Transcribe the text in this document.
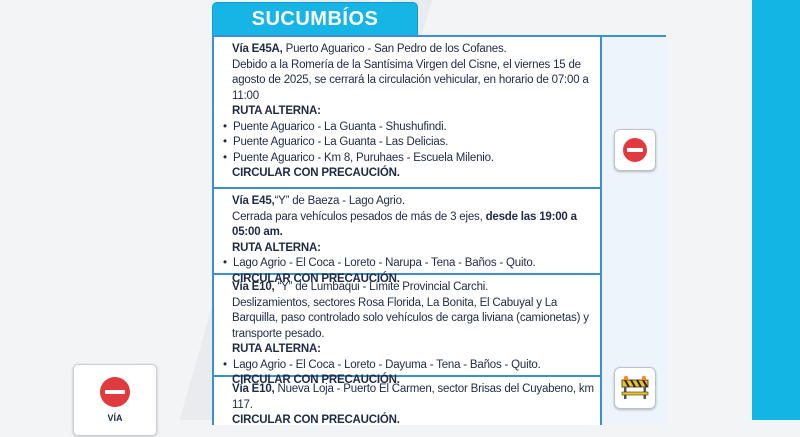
SUCUMBÍOS
Vía E45A, Puerto Aguarico - San Pedro de los Cofanes.
Debido a la Romería de la Santísima Virgen del Cisne, el viernes 15 de agosto de 2025, se cerrará la circulación vehicular, en horario de 07:00 a 11:00
RUTA ALTERNA:
• Puente Aguarico - La Guanta - Shushufindi.
• Puente Aguarico - La Guanta - Las Delicias.
• Puente Aguarico - Km 8, Puruhaes - Escuela Milenio.
CIRCULAR CON PRECAUCIÓN.
Vía E45,“Y” de Baeza - Lago Agrio.
Cerrada para vehículos pesados de más de 3 ejes, desde las 19:00 a 05:00 am.
RUTA ALTERNA:
• Lago Agrio - El Coca - Loreto - Narupa - Tena - Baños - Quito.
CIRCULAR CON PRECAUCIÓN.
Vía E10, “Y” de Lumbaqui - Límite Provincial Carchi.
Deslizamientos, sectores Rosa Florida, La Bonita, El Cabuyal y La Barquilla, paso controlado solo vehículos de carga liviana (camionetas) y transporte pesado.
RUTA ALTERNA:
• Lago Agrio - El Coca - Loreto - Dayuma - Tena - Baños - Quito.
CIRCULAR CON PRECAUCIÓN.
Vía E10, Nueva Loja - Puerto El Carmen, sector Brisas del Cuyabeno, km 117.
CIRCULAR CON PRECAUCIÓN.
VÍA
